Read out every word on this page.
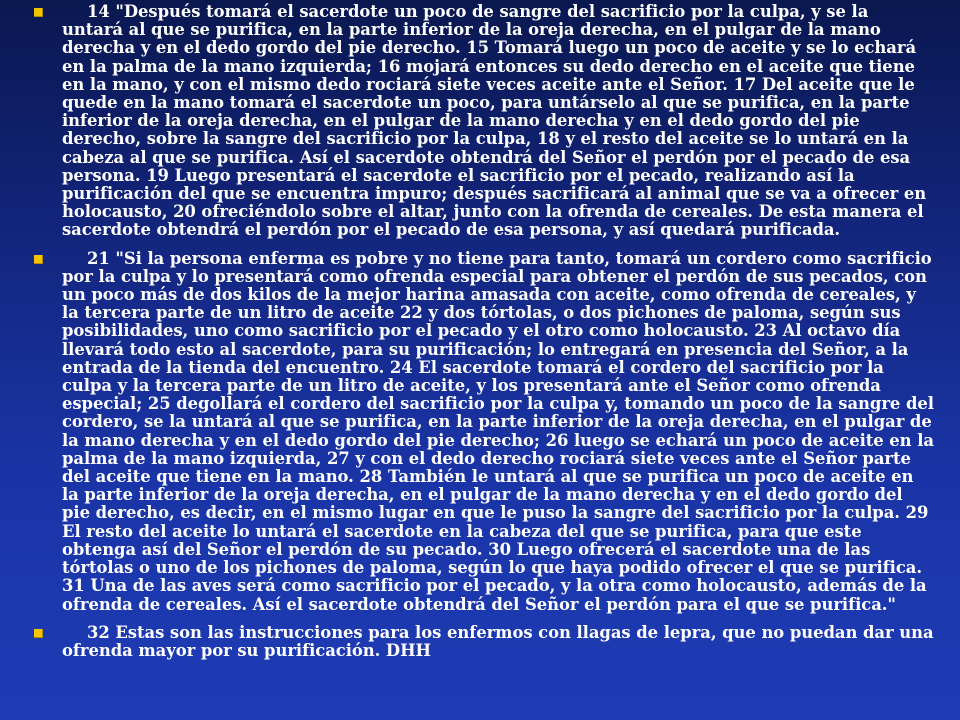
14 "Después tomará el sacerdote un poco de sangre del sacrificio por la culpa, y se la untará al que se purifica, en la parte inferior de la oreja derecha, en el pulgar de la mano derecha y en el dedo gordo del pie derecho. 15 Tomará luego un poco de aceite y se lo echará en la palma de la mano izquierda; 16 mojará entonces su dedo derecho en el aceite que tiene en la mano, y con el mismo dedo rociará siete veces aceite ante el Señor. 17 Del aceite que le quede en la mano tomará el sacerdote un poco, para untárselo al que se purifica, en la parte inferior de la oreja derecha, en el pulgar de la mano derecha y en el dedo gordo del pie derecho, sobre la sangre del sacrificio por la culpa, 18 y el resto del aceite se lo untará en la cabeza al que se purifica. Así el sacerdote obtendrá del Señor el perdón por el pecado de esa persona. 19 Luego presentará el sacerdote el sacrificio por el pecado, realizando así la purificación del que se encuentra impuro; después sacrificará al animal que se va a ofrecer en holocausto, 20 ofreciéndolo sobre el altar, junto con la ofrenda de cereales. De esta manera el sacerdote obtendrá el perdón por el pecado de esa persona, y así quedará purificada.
21 "Si la persona enferma es pobre y no tiene para tanto, tomará un cordero como sacrificio por la culpa y lo presentará como ofrenda especial para obtener el perdón de sus pecados, con un poco más de dos kilos de la mejor harina amasada con aceite, como ofrenda de cereales, y la tercera parte de un litro de aceite 22 y dos tórtolas, o dos pichones de paloma, según sus posibilidades, uno como sacrificio por el pecado y el otro como holocausto. 23 Al octavo día llevará todo esto al sacerdote, para su purificación; lo entregará en presencia del Señor, a la entrada de la tienda del encuentro. 24 El sacerdote tomará el cordero del sacrificio por la culpa y la tercera parte de un litro de aceite, y los presentará ante el Señor como ofrenda especial; 25 degollará el cordero del sacrificio por la culpa y, tomando un poco de la sangre del cordero, se la untará al que se purifica, en la parte inferior de la oreja derecha, en el pulgar de la mano derecha y en el dedo gordo del pie derecho; 26 luego se echará un poco de aceite en la palma de la mano izquierda, 27 y con el dedo derecho rociará siete veces ante el Señor parte del aceite que tiene en la mano. 28 También le untará al que se purifica un poco de aceite en la parte inferior de la oreja derecha, en el pulgar de la mano derecha y en el dedo gordo del pie derecho, es decir, en el mismo lugar en que le puso la sangre del sacrificio por la culpa. 29 El resto del aceite lo untará el sacerdote en la cabeza del que se purifica, para que este obtenga así del Señor el perdón de su pecado. 30 Luego ofrecerá el sacerdote una de las tórtolas o uno de los pichones de paloma, según lo que haya podido ofrecer el que se purifica. 31 Una de las aves será como sacrificio por el pecado, y la otra como holocausto, además de la ofrenda de cereales. Así el sacerdote obtendrá del Señor el perdón para el que se purifica."
32 Estas son las instrucciones para los enfermos con llagas de lepra, que no puedan dar una ofrenda mayor por su purificación. DHH
